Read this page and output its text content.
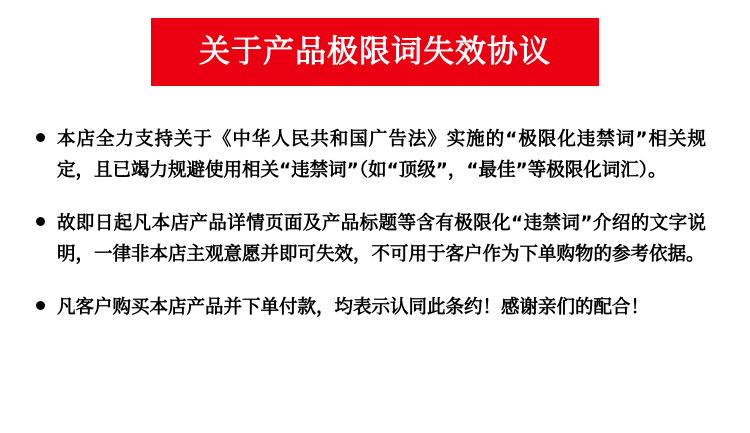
关于产品极限词失效协议
本店全力支持关于《中华人民共和国广告法》实施的“极限化违禁词”相关规定，且已竭力规避使用相关“违禁词”（如“顶级”，“最佳”等极限化词汇）。
故即日起凡本店产品详情页面及产品标题等含有极限化“违禁词”介绍的文字说明，一律非本店主观意愿并即可失效，不可用于客户作为下单购物的参考依据。
凡客户购买本店产品并下单付款，均表示认同此条约！感谢亲们的配合！
